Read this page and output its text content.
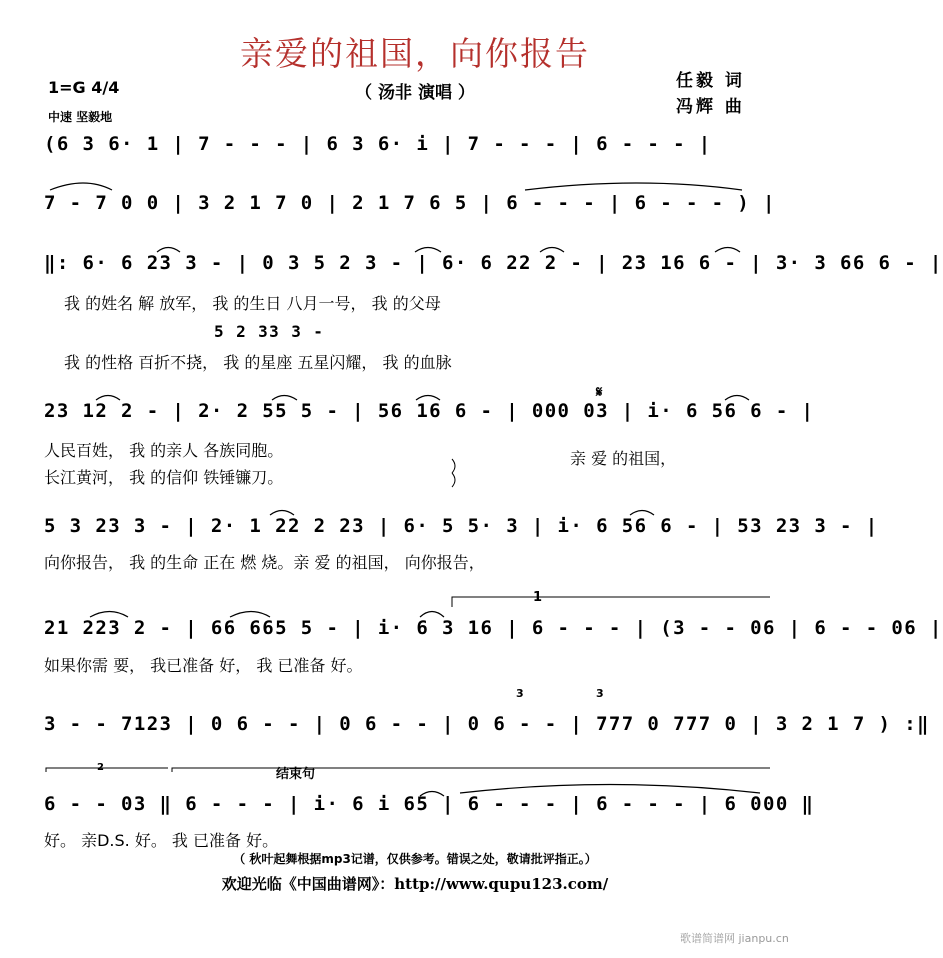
亲爱的祖国，向你报告
（ 汤非 演唱 ）
任毅 词
冯辉 曲
1=G 4/4
中速 坚毅地
(6 3 6· 1 | 7 - - - | 6 3 6· i | 7 - - - | 6 - - - |
7 - 7 0 0 | 3 2 1 7 0 | 2 1 7 6 5 | 6 - - - | 6 - - - ) |
‖: 6· 6 23 3 - | 0 3 5 2 3 - | 6· 6 22 2 - | 23 16 6 - | 3· 3 66 6 - |
我 的姓名 解 放军， 我 的生日 八月一号， 我 的父母
5 2 33 3 -
我 的性格 百折不挠， 我 的星座 五星闪耀， 我 的血脉
23 12 2 - | 2· 2 55 5 - | 56 16 6 - | 000 03 | i· 6 56 6 - |
人民百姓， 我 的亲人 各族同胞。
长江黄河， 我 的信仰 铁锤镰刀。
亲 爱 的祖国，
5 3 23 3 - | 2· 1 22 2 23 | 6· 5 5· 3 | i· 6 56 6 - | 53 23 3 - |
向你报告， 我 的生命 正在 燃 烧。亲 爱 的祖国， 向你报告，
21 223 2 - | 66 665 5 - | i· 6 3 16 | 6 - - - | (3 - - 06 | 6 - - 06 |
如果你需 要， 我已准备 好， 我 已准备 好。
1
3 - - 7123 | 0 6 - - | 0 6 - - | 0 6 - - | 777 0 777 0 | 3 2 1 7 ) :‖
3	3
2	结束句
6 - - 03 ‖ 6 - - - | i· 6 i 65 | 6 - - - | 6 - - - | 6 000 ‖
好。 亲D.S. 好。 我 已准备 好。
（ 秋叶起舞根据mp3记谱，仅供参考。错误之处，敬请批评指正。）
欢迎光临《中国曲谱网》：http://www.qupu123.com/
歌谱简谱网 jianpu.cn
𝄋
